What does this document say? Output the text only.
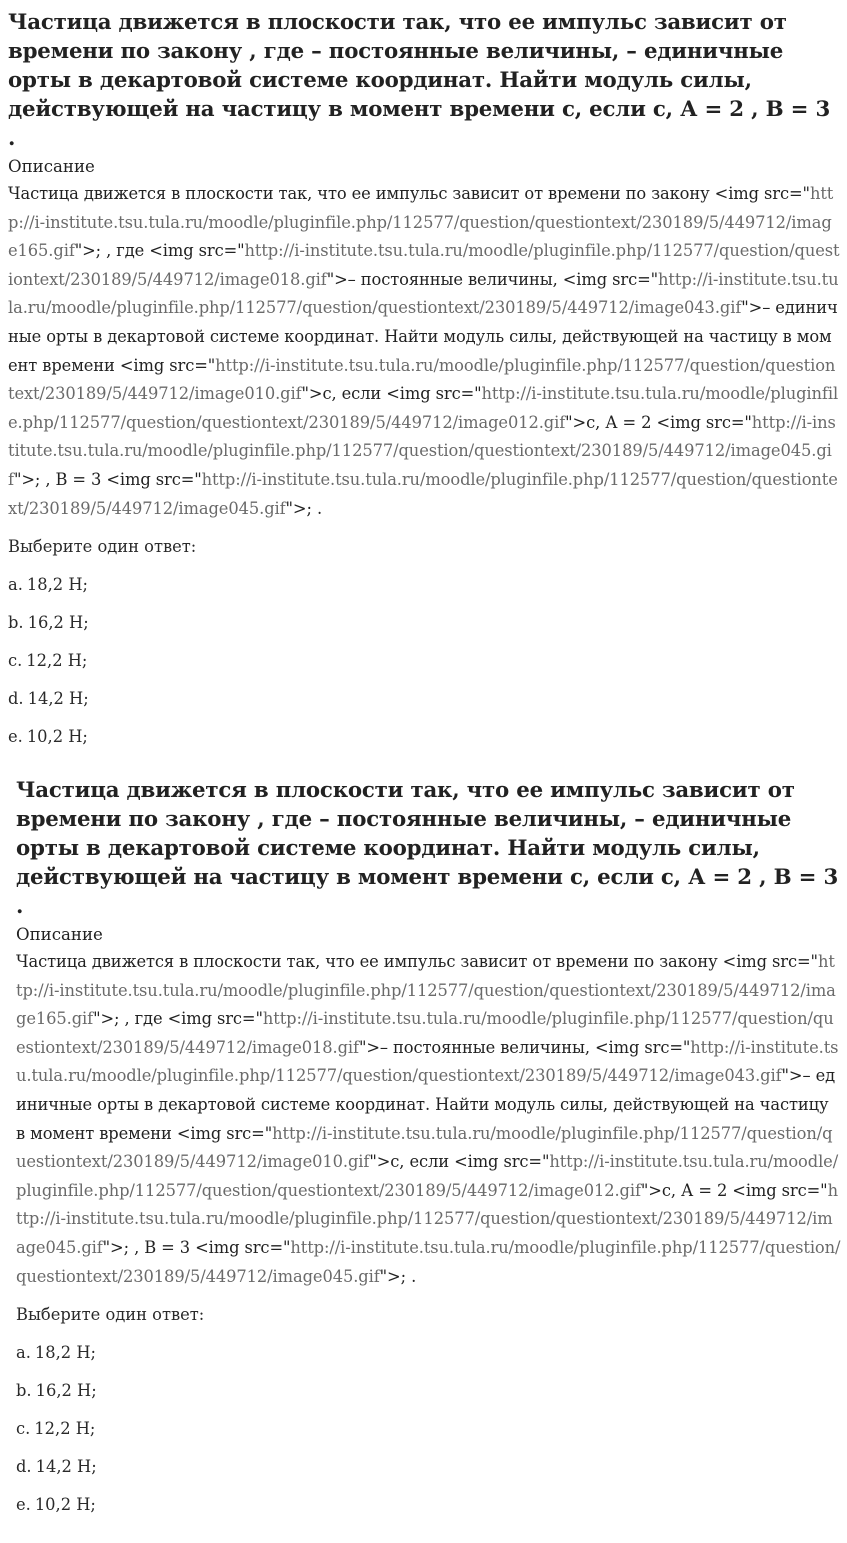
Частица движется в плоскости так, что ее импульс зависит от времени по закону , где – постоянные величины, – единичные орты в декартовой системе координат. Найти модуль силы, действующей на частицу в момент времени с, если с, А = 2 , В = 3 .
Описание
Частица движется в плоскости так, что ее импульс зависит от времени по закону <img src="http://i-institute.tsu.tula.ru/moodle/pluginfile.php/112577/question/questiontext/230189/5/449712/image165.gif">; , где <img src="http://i-institute.tsu.tula.ru/moodle/pluginfile.php/112577/question/questiontext/230189/5/449712/image018.gif">– постоянные величины, <img src="http://i-institute.tsu.tula.ru/moodle/pluginfile.php/112577/question/questiontext/230189/5/449712/image043.gif">– единичные орты в декартовой системе координат. Найти модуль силы, действующей на частицу в момент времени <img src="http://i-institute.tsu.tula.ru/moodle/pluginfile.php/112577/question/questiontext/230189/5/449712/image010.gif">с, если <img src="http://i-institute.tsu.tula.ru/moodle/pluginfile.php/112577/question/questiontext/230189/5/449712/image012.gif">с, А = 2 <img src="http://i-institute.tsu.tula.ru/moodle/pluginfile.php/112577/question/questiontext/230189/5/449712/image045.gif">; , В = 3 <img src="http://i-institute.tsu.tula.ru/moodle/pluginfile.php/112577/question/questiontext/230189/5/449712/image045.gif">; .
Выберите один ответ:
a. 18,2 Н;
b. 16,2 Н;
c. 12,2 Н;
d. 14,2 Н;
e. 10,2 Н;
Частица движется в плоскости так, что ее импульс зависит от времени по закону , где – постоянные величины, – единичные орты в декартовой системе координат. Найти модуль силы, действующей на частицу в момент времени с, если с, А = 2 , В = 3 .
Описание
Частица движется в плоскости так, что ее импульс зависит от времени по закону <img src="http://i-institute.tsu.tula.ru/moodle/pluginfile.php/112577/question/questiontext/230189/5/449712/image165.gif">; , где <img src="http://i-institute.tsu.tula.ru/moodle/pluginfile.php/112577/question/questiontext/230189/5/449712/image018.gif">– постоянные величины, <img src="http://i-institute.tsu.tula.ru/moodle/pluginfile.php/112577/question/questiontext/230189/5/449712/image043.gif">– единичные орты в декартовой системе координат. Найти модуль силы, действующей на частицу в момент времени <img src="http://i-institute.tsu.tula.ru/moodle/pluginfile.php/112577/question/questiontext/230189/5/449712/image010.gif">с, если <img src="http://i-institute.tsu.tula.ru/moodle/pluginfile.php/112577/question/questiontext/230189/5/449712/image012.gif">с, А = 2 <img src="http://i-institute.tsu.tula.ru/moodle/pluginfile.php/112577/question/questiontext/230189/5/449712/image045.gif">; , В = 3 <img src="http://i-institute.tsu.tula.ru/moodle/pluginfile.php/112577/question/questiontext/230189/5/449712/image045.gif">; .
Выберите один ответ:
a. 18,2 Н;
b. 16,2 Н;
c. 12,2 Н;
d. 14,2 Н;
e. 10,2 Н;
